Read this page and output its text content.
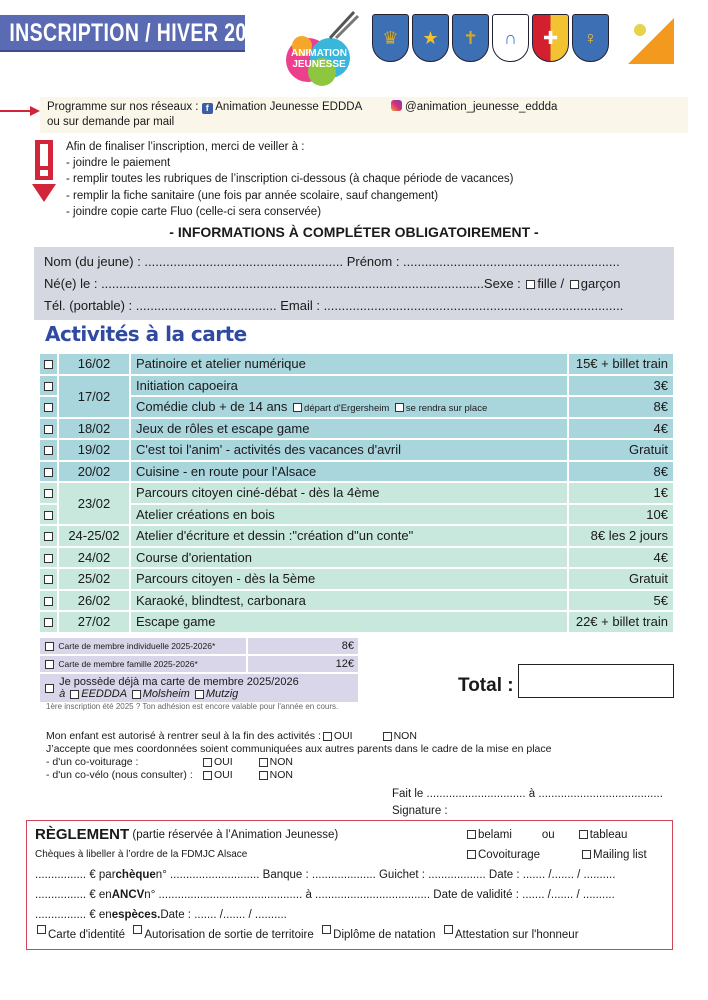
INSCRIPTION / HIVER 2026
ANIMATION
JEUNESSE
♛	★	✝	∩	✚	♀
Programme sur nos réseaux : f Animation Jeunesse EDDDA	@animation_jeunesse_eddda
ou sur demande par mail
Afin de finaliser l’inscription, merci de veiller à :
- joindre le paiement
- remplir toutes les rubriques de l’inscription ci-dessous (à chaque période de vacances)
- remplir la fiche sanitaire (une fois par année scolaire, sauf changement)
- joindre copie carte Fluo (celle-ci sera conservée)
- INFORMATIONS À COMPLÉTER OBLIGATOIREMENT -
Nom (du jeune) : ....................................................... Prénom : ............................................................
Né(e) le : ..........................................................................................................Sexe : fille / garçon
Tél. (portable) : ....................................... Email : ...................................................................................
Activités à la carte
	16/02	Patinoire et atelier numérique	15€ + billet train
	17/02	Initiation capoeira	3€
		Comédie club + de 14 ans départ d'Ergersheim se rendra sur place	8€
	18/02	Jeux de rôles et escape game	4€
	19/02	C'est toi l'anim' - activités des vacances d'avril	Gratuit
	20/02	Cuisine - en route pour l'Alsace	8€
	23/02	Parcours citoyen ciné-débat - dès la 4ème	1€
		Atelier créations en bois	10€
	24-25/02	Atelier d'écriture et dessin :"création d"un conte"	8€ les 2 jours
	24/02	Course d'orientation	4€
	25/02	Parcours citoyen - dès la 5ème	Gratuit
	26/02	Karaoké, blindtest, carbonara	5€
	27/02	Escape game	22€ + billet train

Carte de membre individuelle 2025-2026*	8€

Carte de membre famille 2025-2026*	12€

Je possède déjà ma carte de membre 2025/2026
à EEDDDA Molsheim Mutzig
1ère inscription été 2025 ? Ton adhésion est encore valable pour l'année en cours.
Total :
Mon enfant est autorisé à rentrer seul à la fin des activités : OUI	NON
J’accepte que mes coordonnées soient communiquées aux autres parents dans le cadre de la mise en place
- d'un co-voiturage :	OUI	NON
- d'un co-vélo (nous consulter) : OUI	NON
Fait le ............................... à .......................................
Signature :
RÈGLEMENT
(partie réservée à l’Animation Jeunesse)	belami	ou	tableau
Chèques à libeller à l’ordre de la FDMJC Alsace	Covoiturage	Mailing list
................ € par chèque n° ............................ Banque : .................... Guichet : .................. Date : ....... /....... / ..........
................ € en ANCV n° ............................................. à .................................... Date de validité : ....... /....... / ..........
................ € en espèces. Date : ....... /....... / ..........
Carte d'identité
Autorisation de sortie de territoire
Diplôme de natation
Attestation sur l'honneur
